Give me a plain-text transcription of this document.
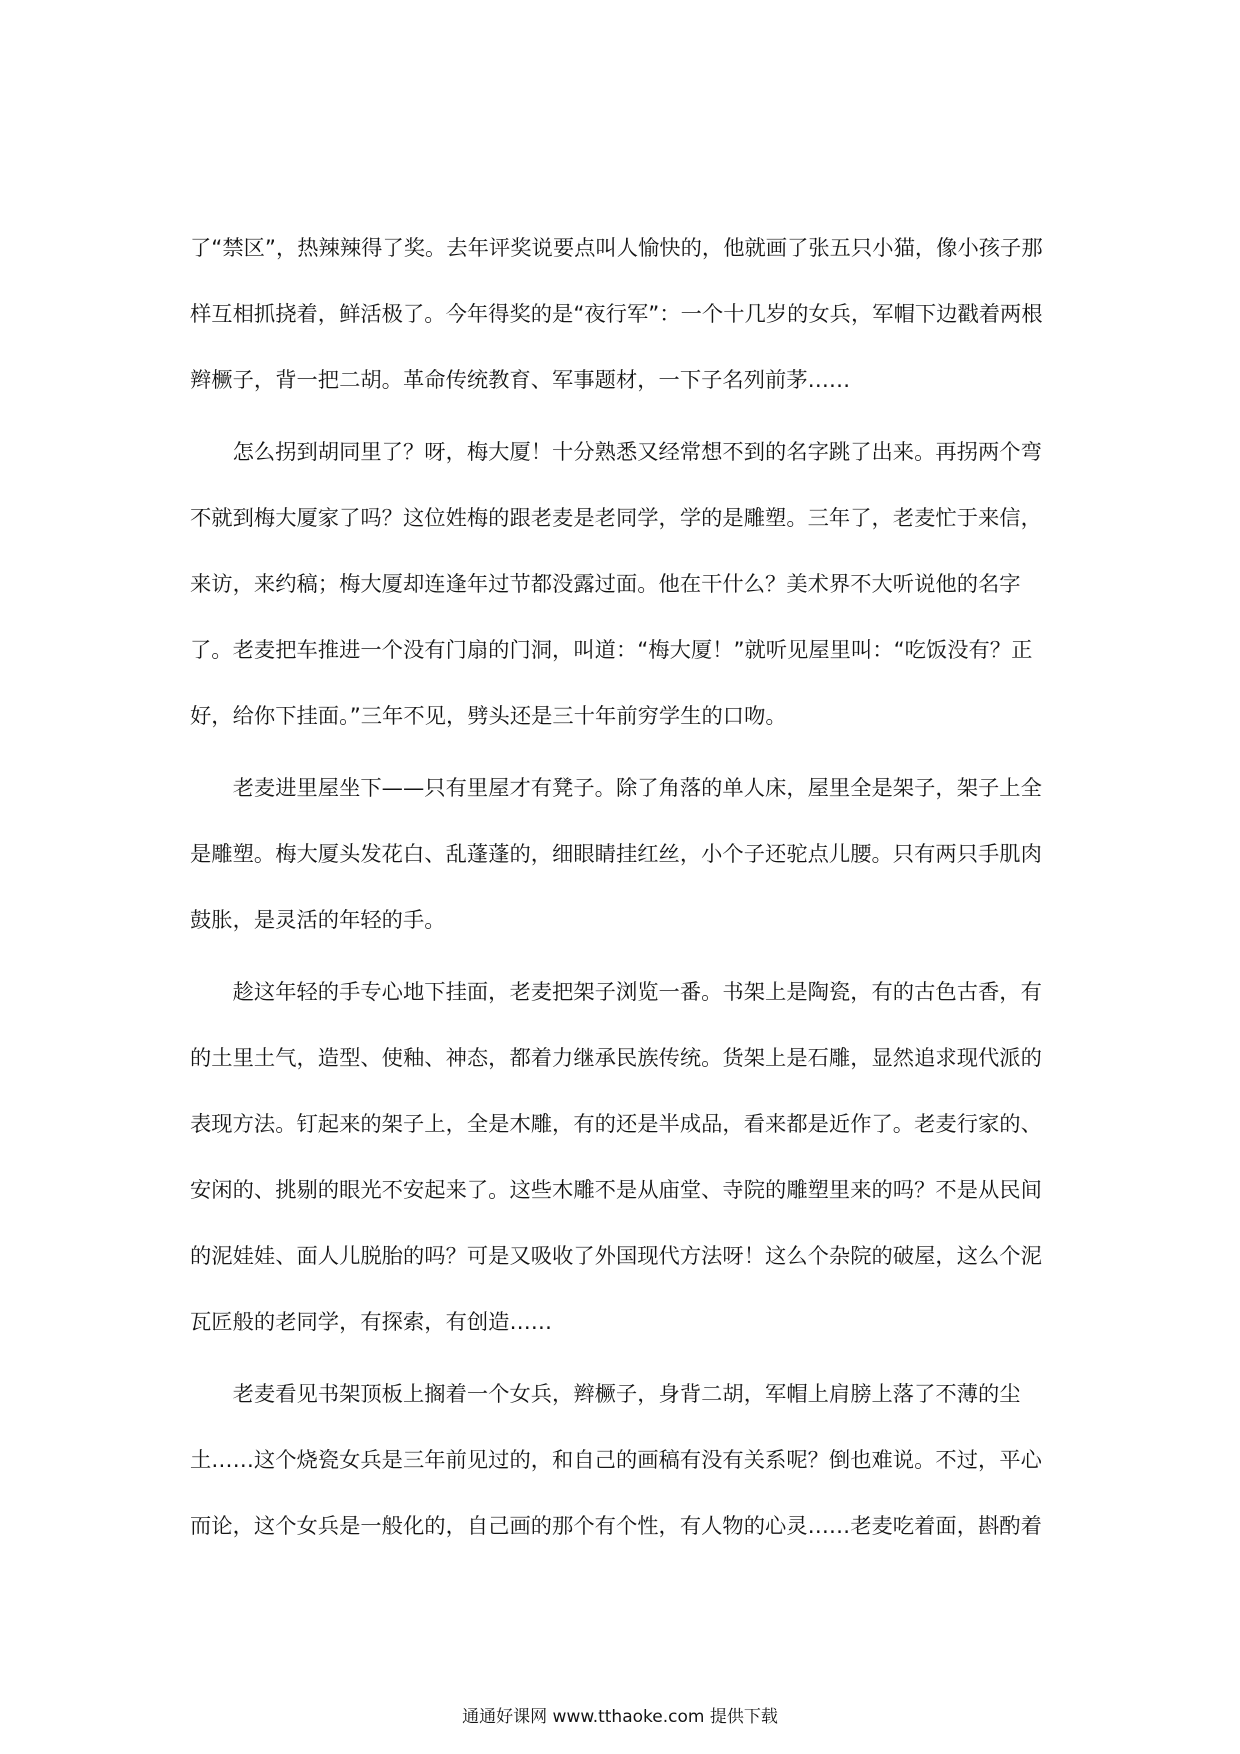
了“禁区”，热辣辣得了奖。去年评奖说要点叫人愉快的，他就画了张五只小猫，像小孩子那样互相抓挠着，鲜活极了。今年得奖的是“夜行军”：一个十几岁的女兵，军帽下边戳着两根辫橛子，背一把二胡。革命传统教育、军事题材，一下子名列前茅……

怎么拐到胡同里了？呀，梅大厦！十分熟悉又经常想不到的名字跳了出来。再拐两个弯不就到梅大厦家了吗？这位姓梅的跟老麦是老同学，学的是雕塑。三年了，老麦忙于来信，来访，来约稿；梅大厦却连逢年过节都没露过面。他在干什么？美术界不大听说他的名字了。老麦把车推进一个没有门扇的门洞，叫道：“梅大厦！”就听见屋里叫：“吃饭没有？正好，给你下挂面。”三年不见，劈头还是三十年前穷学生的口吻。

老麦进里屋坐下——只有里屋才有凳子。除了角落的单人床，屋里全是架子，架子上全是雕塑。梅大厦头发花白、乱蓬蓬的，细眼睛挂红丝，小个子还驼点儿腰。只有两只手肌肉鼓胀，是灵活的年轻的手。

趁这年轻的手专心地下挂面，老麦把架子浏览一番。书架上是陶瓷，有的古色古香，有的土里土气，造型、使釉、神态，都着力继承民族传统。货架上是石雕，显然追求现代派的表现方法。钉起来的架子上，全是木雕，有的还是半成品，看来都是近作了。老麦行家的、安闲的、挑剔的眼光不安起来了。这些木雕不是从庙堂、寺院的雕塑里来的吗？不是从民间的泥娃娃、面人儿脱胎的吗？可是又吸收了外国现代方法呀！这么个杂院的破屋，这么个泥瓦匠般的老同学，有探索，有创造……

老麦看见书架顶板上搁着一个女兵，辫橛子，身背二胡，军帽上肩膀上落了不薄的尘土……这个烧瓷女兵是三年前见过的，和自己的画稿有没有关系呢？倒也难说。不过，平心而论，这个女兵是一般化的，自己画的那个有个性，有人物的心灵……老麦吃着面，斟酌着

通通好课网 www.tthaoke.com 提供下载
